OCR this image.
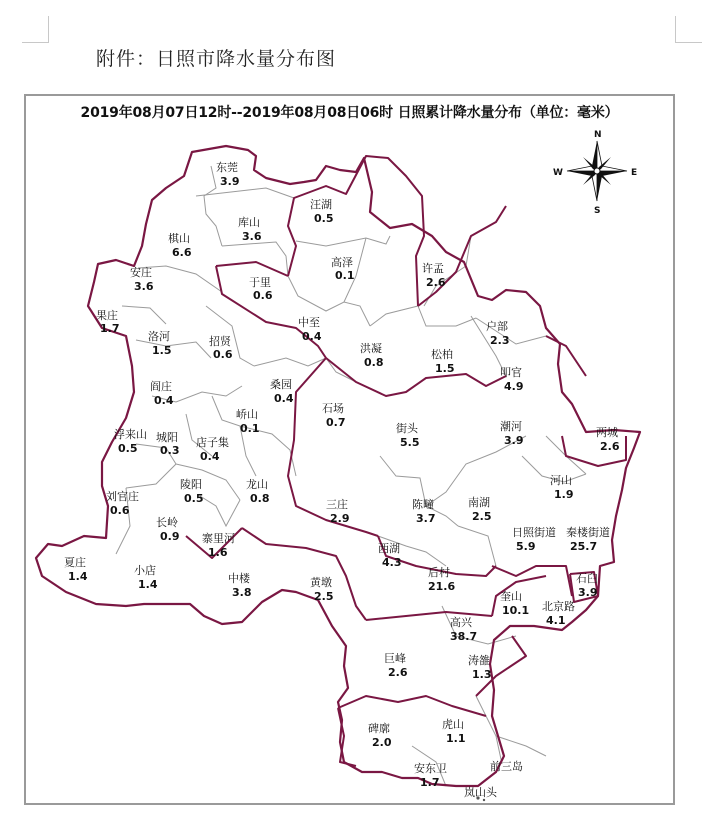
附件：日照市降水量分布图
2019年08月07日12时--2019年08月08日06时 日照累计降水量分布（单位：毫米）
N
S
E
W
东莞
3.9
汪湖
0.5
棋山
6.6
库山
3.6
高泽
0.1
许孟
2.6
安庄
3.6	于里
0.6
果庄
1.7
洛河
1.5
招贤
0.6
中至
0.4
洪凝
0.8
松柏
1.5
户部
2.3
叩官
4.9
阎庄
0.4
桑园
0.4
峤山
0.1
石场
0.7	街头
5.5
潮河
3.9
浮来山
0.5
城阳
0.3
店子集
0.4
两城
2.6
刘官庄
0.6
陵阳
0.5
龙山
0.8	三庄
2.9
陈疃
3.7
南湖
2.5
河山
1.9
长岭
0.9 寨里河
1.6
日照街道
5.9
秦楼街道
25.7
夏庄
1.4	小店
1.4
西湖
4.3
后村
21.6
中楼
3.8
黄墩
2.5
石臼
3.9
奎山
10.1 北京路
4.1
高兴
38.7
巨峰
2.6
涛雒
1.3
碑廓
2.0
虎山
1.1
安东卫
1.7
岚山头
前三岛
